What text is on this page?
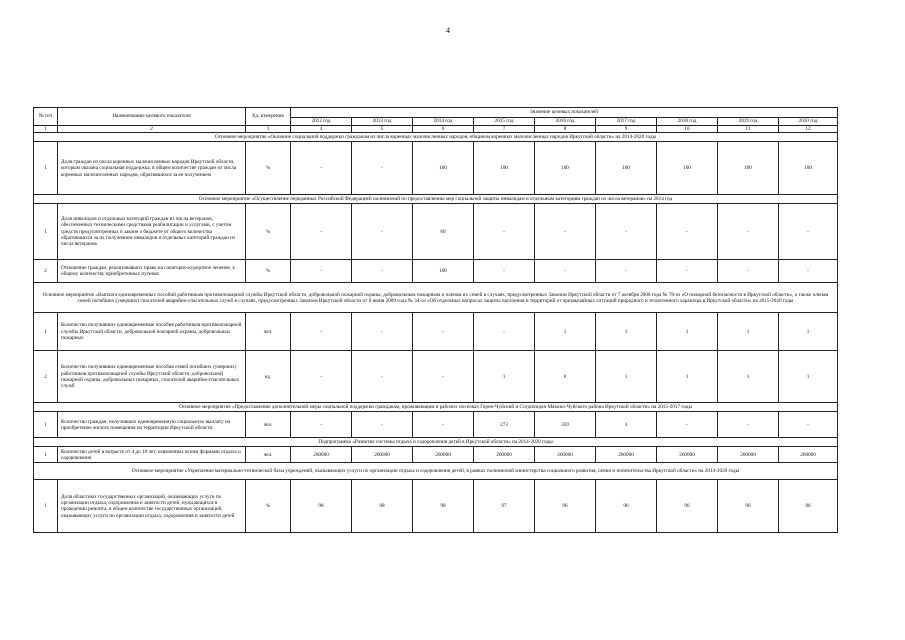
4
№ п/п	Наименование целевого показателя	Ед. измерения	Значение целевых показателей								
			2012 год	2013 год	2014 год	2015 год	2016 год	2017 год	2018 год	2019 год	2020 год
1	2	3	4	5	6	7	8	9	10	11	12
Основное мероприятие «Оказание социальной поддержки гражданам из числа коренных малочисленных народов, общинам коренных малочисленных народов Иркутской области» на 2014-2020 годы											
1	Доля граждан из числа коренных малочисленных народов Иркутской области, которым оказана социальная поддержка, в общем количестве граждан из числа коренных малочисленных народов, обратившихся за ее получением	%	-	-	100	100	100	100	100	100	100
Основное мероприятие «Осуществление переданных Российской Федерацией полномочий по предоставлению мер социальной защиты инвалидам и отдельным категориям граждан из числа ветеранов» на 2014 год											
1	Доля инвалидов и отдельных категорий граждан из числа ветеранов, обеспеченных техническими средствами реабилитации и услугами, с учетом средств предусмотренных в законе о бюджете от общего количества обратившихся за их получением инвалидов и отдельных категорий граждан из числа ветеранов	%	-	-	60	-	-	-	-	-	-
2	Отношение граждан, реализовавших право на санаторно-курортное лечение, к общему количеству приобретенных путевок	%	-	-	100	-	-	-	-	-	-
Основное мероприятие «Выплата единовременных пособий работникам противопожарной службы Иркутской области, добровольной пожарной охраны, добровольным пожарным и членам их семей в случаях, предусмотренных Законом Иркутской области от 7 октября 2008 года № 78-оз «О пожарной безопасности в Иркутской области», а также членам семей погибших (умерших) спасателей аварийно-спасательных служб в случаях, предусмотренных Законом Иркутской области от 8 июня 2009 года № 34-оз «Об отдельных вопросах защиты населения и территорий от чрезвычайных ситуаций природного и техногенного характера в Иркутской области» на 2015-2020 годы											
1	Количество получивших единовременные пособия работников противопожарной службы Иркутской области, добровольной пожарной охраны, добровольных пожарных	чел.	-	-	-	-	1	1	1	1	1
2	Количество получивших единовременные пособия семей погибших (умерших) работников противопожарной службы Иркутской области, добровольной пожарной охраны, добровольных пожарных, спасателей аварийно-спасательных служб	ед.	-	-	-	1	0	1	1	1	1
Основное мероприятие «Предоставление дополнительной меры социальной поддержки гражданам, проживающим в рабочих поселках Горно-Чуйский и Согдиондон Мамско-Чуйского района Иркутской области» на 2015-2017 годы											
1	Количество граждан, получивших единовременную социальную выплату на приобретение жилого помещения на территории Иркутской области	чел.	-	-	-	273	359	3	-	-	-
Подпрограмма «Развитие системы отдыха и оздоровления детей в Иркутской области» на 2014-2020 годы											
1	Количество детей в возрасте от 4 до 18 лет, охваченных всеми формами отдыха и оздоровления	чел.	260000	260000	260000	260000	260000	260000	260000	260000	260000
Основное мероприятие «Укрепление материально-технической базы учреждений, оказывающих услуги по организации отдыха и оздоровления детей, в рамках полномочий министерства социального развития, опеки и попечительства Иркутской области» на 2014-2020 годы											
1	Доля областных государственных организаций, оказывающих услуги по организации отдыха, оздоровления и занятости детей, нуждающихся в проведении ремонта, в общем количестве государственных организаций, оказывающих услуги по организации отдыха, оздоровления и занятости детей	%	98	98	98	97	96	96	96	96	96
